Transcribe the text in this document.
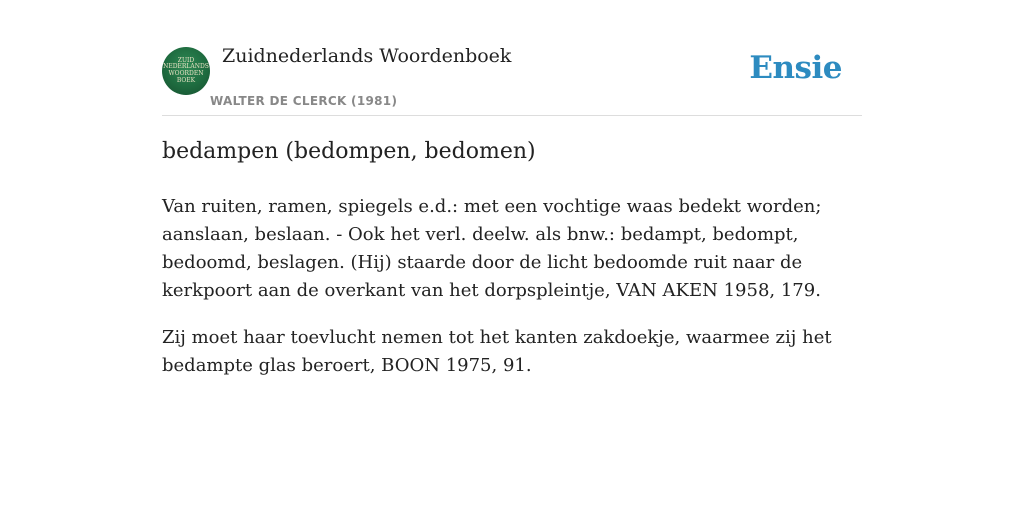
ZUID
NEDERLANDS
WOORDEN
BOEK
Zuidnederlands Woordenboek
WALTER DE CLERCK (1981)
Ensie
bedampen (bedompen, bedomen)

Van ruiten, ramen, spiegels e.d.: met een vochtige waas bedekt worden; aanslaan, beslaan. - Ook het verl. deelw. als bnw.: bedampt, bedompt, bedoomd, beslagen. (Hij) staarde door de licht bedoomde ruit naar de kerkpoort aan de overkant van het dorpspleintje, VAN AKEN 1958, 179.

Zij moet haar toevlucht nemen tot het kanten zakdoekje, waarmee zij het bedampte glas beroert, BOON 1975, 91.
